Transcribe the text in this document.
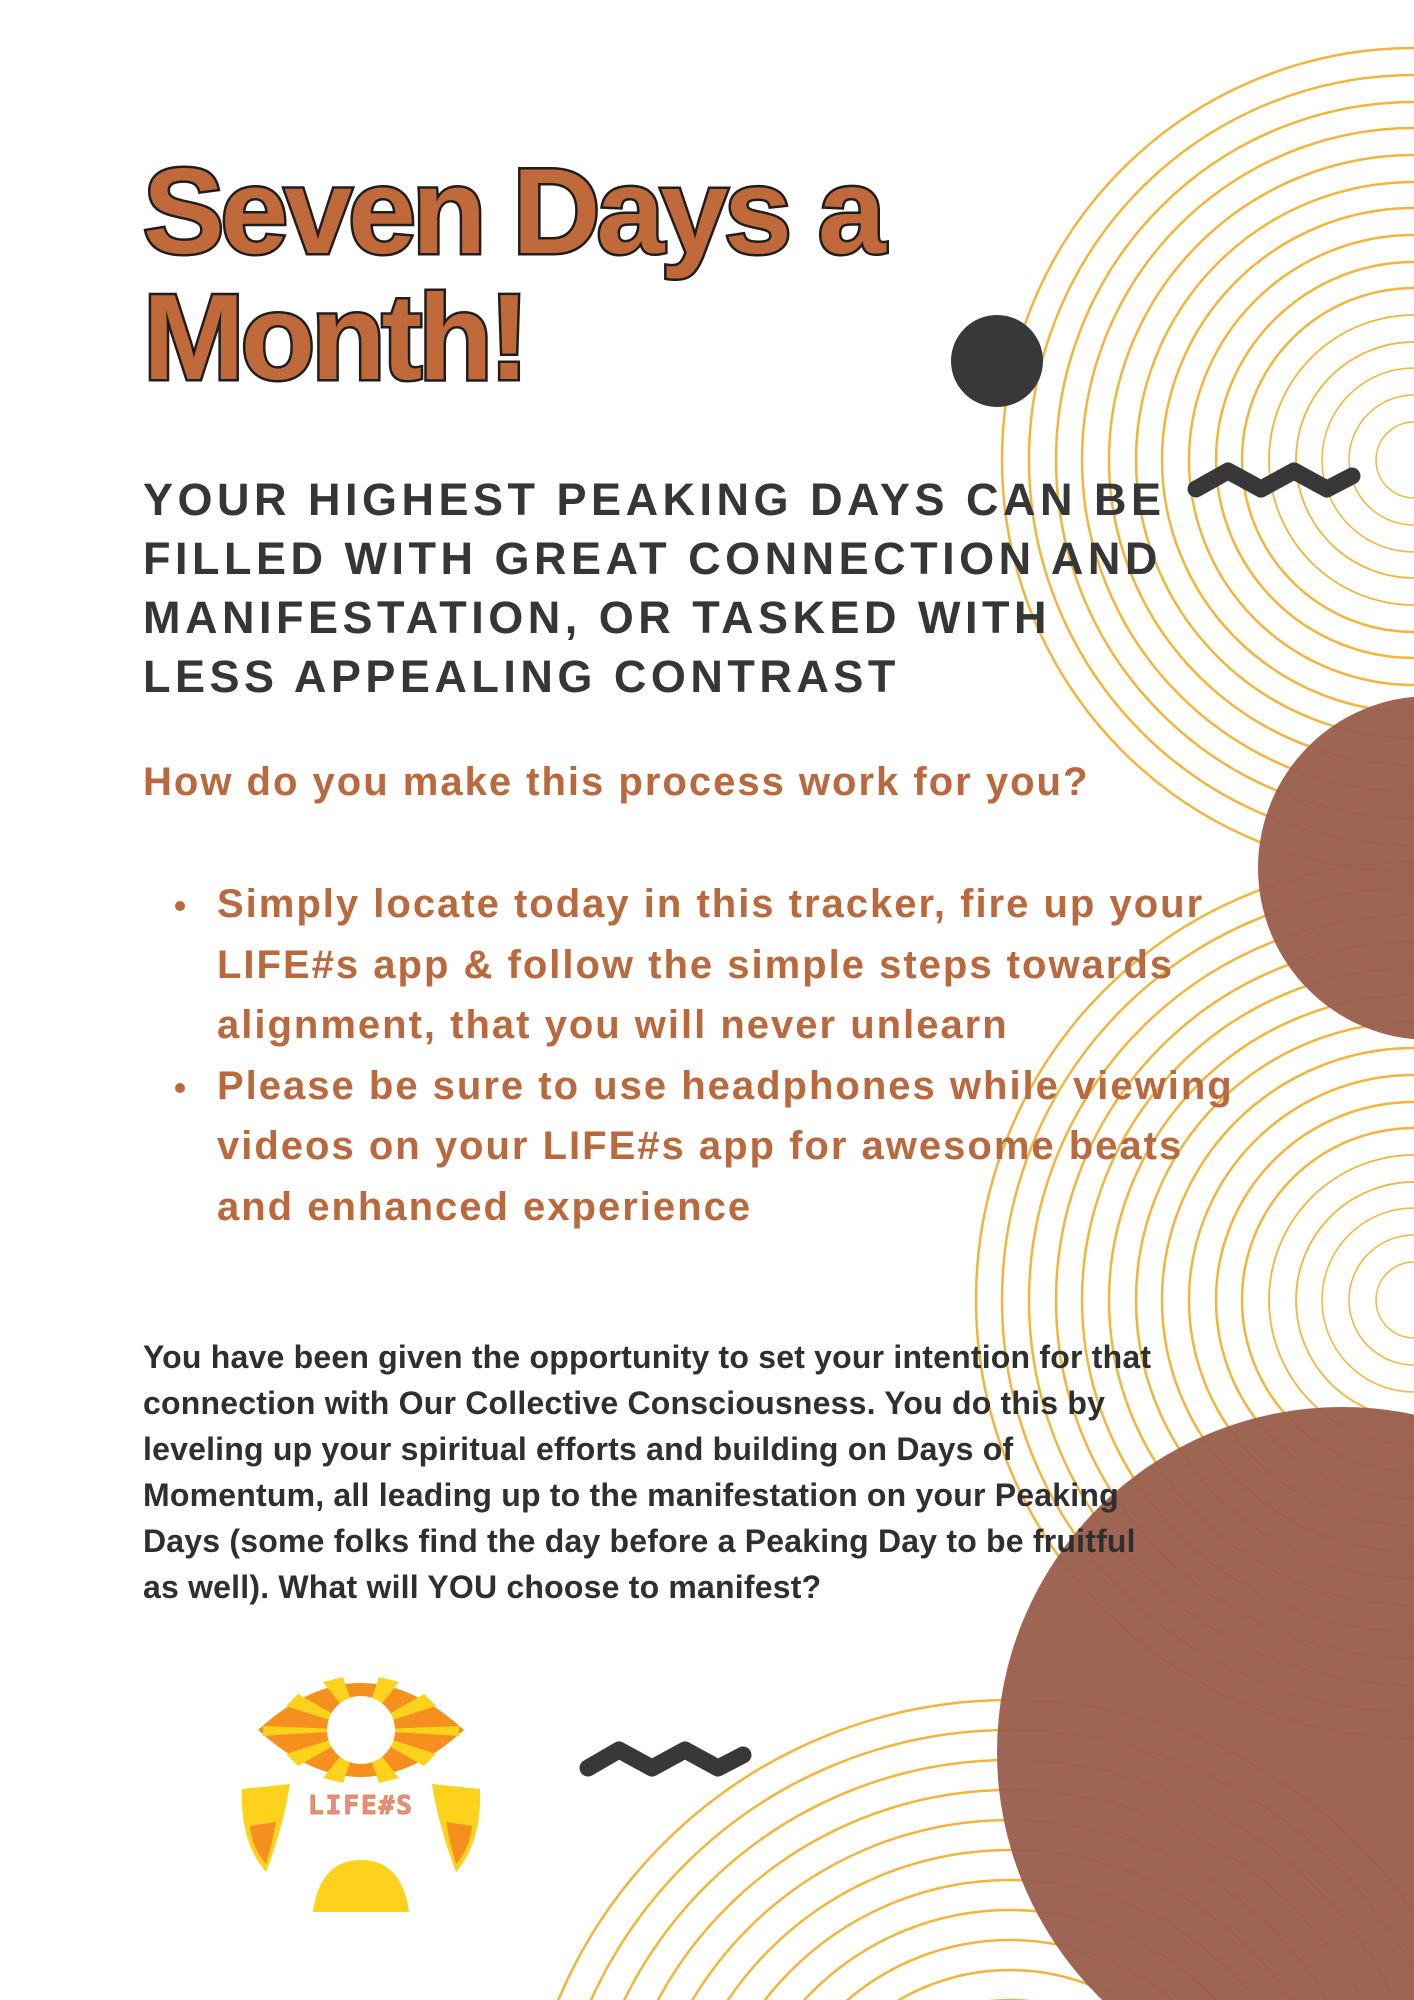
Seven Days a
Month!

YOUR HIGHEST PEAKING DAYS CAN BE FILLED WITH GREAT CONNECTION AND MANIFESTATION, OR TASKED WITH LESS APPEALING CONTRAST

How do you make this process work for you?

Simply locate today in this tracker, fire up your LIFE#s app & follow the simple steps towards alignment, that you will never unlearn
Please be sure to use headphones while viewing videos on your LIFE#s app for awesome beats and enhanced experience

You have been given the opportunity to set your intention for that connection with Our Collective Consciousness. You do this by leveling up your spiritual efforts and building on Days of Momentum, all leading up to the manifestation on your Peaking Days (some folks find the day before a Peaking Day to be fruitful as well). What will YOU choose to manifest?

LIFE#S
